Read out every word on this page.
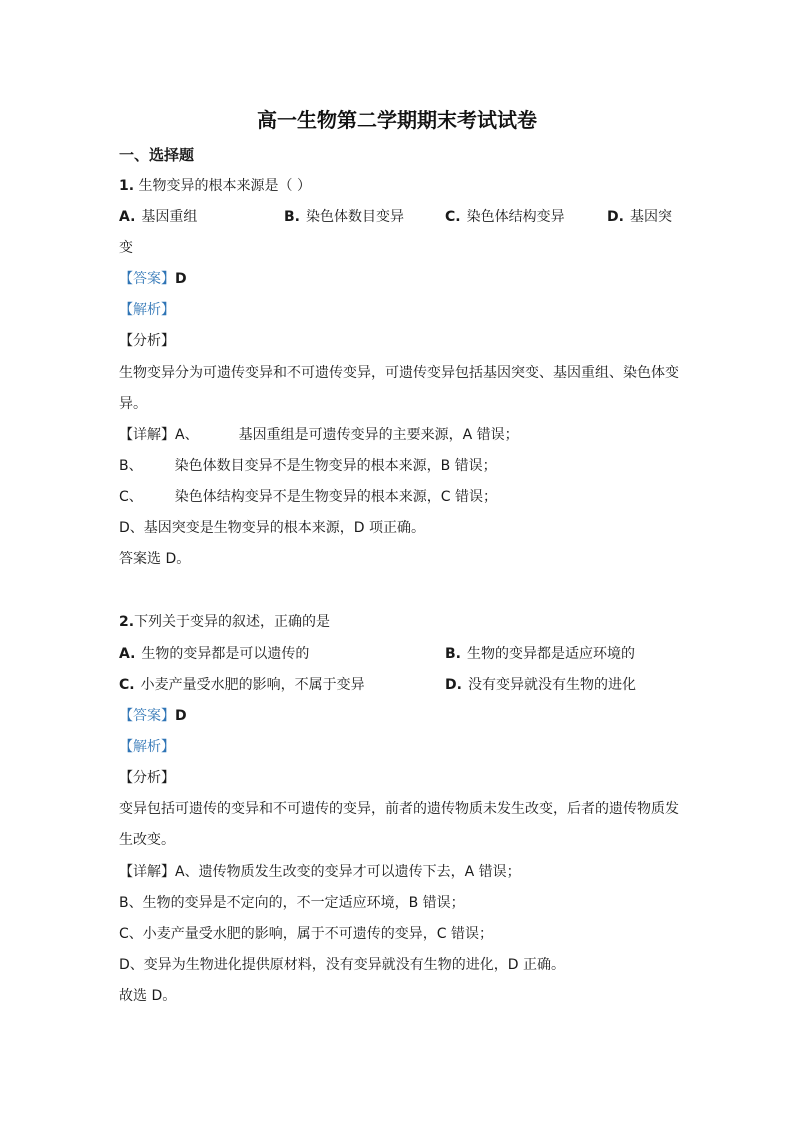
高一生物第二学期期末考试试卷
一、选择题
1. 生物变异的根本来源是（ ）
A. 基因重组	B. 染色体数目变异	C. 染色体结构变异	D. 基因突
变
【答案】D
【解析】
【分析】
生物变异分为可遗传变异和不可遗传变异，可遗传变异包括基因突变、基因重组、染色体变
异。
【详解】A、	基因重组是可遗传变异的主要来源，A 错误；
B、 染色体数目变异不是生物变异的根本来源，B 错误；
C、 染色体结构变异不是生物变异的根本来源，C 错误；
D、基因突变是生物变异的根本来源，D 项正确。
答案选 D。
2.下列关于变异的叙述，正确的是
A. 生物的变异都是可以遗传的	B. 生物的变异都是适应环境的
C. 小麦产量受水肥的影响，不属于变异	D. 没有变异就没有生物的进化
【答案】D
【解析】
【分析】
变异包括可遗传的变异和不可遗传的变异，前者的遗传物质未发生改变，后者的遗传物质发
生改变。
【详解】A、遗传物质发生改变的变异才可以遗传下去，A 错误；
B、生物的变异是不定向的，不一定适应环境，B 错误；
C、小麦产量受水肥的影响，属于不可遗传的变异，C 错误；
D、变异为生物进化提供原材料，没有变异就没有生物的进化，D 正确。
故选 D。
